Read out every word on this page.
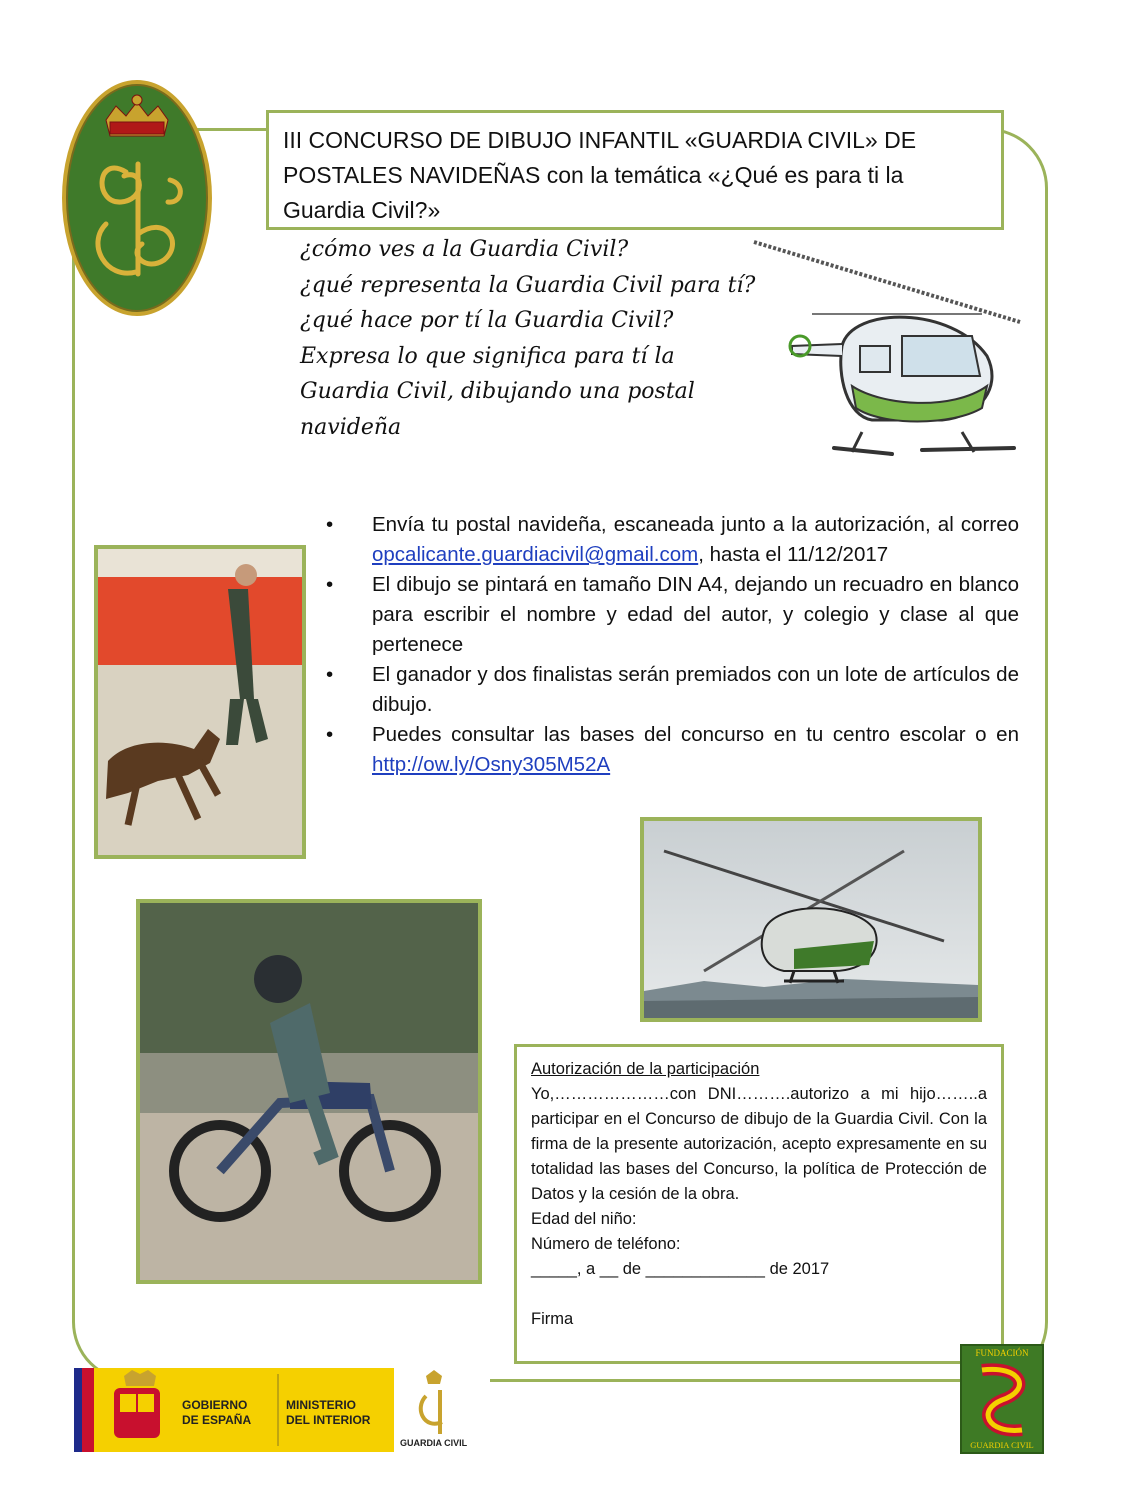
III CONCURSO DE DIBUJO INFANTIL «GUARDIA CIVIL» DE POSTALES NAVIDEÑAS con la temática «¿Qué es para ti la Guardia Civil?»
¿cómo ves a la Guardia Civil?
¿qué representa la Guardia Civil para tí?
¿qué hace por tí la Guardia Civil?
Expresa lo que significa para tí la Guardia Civil, dibujando una postal navideña
• Envía tu postal navideña, escaneada junto a la autorización, al correo opcalicante.guardiacivil@gmail.com, hasta el 11/12/2017
• El dibujo se pintará en tamaño DIN A4, dejando un recuadro en blanco para escribir el nombre y edad del autor, y colegio y clase al que pertenece
• El ganador y dos finalistas serán premiados con un lote de artículos de dibujo.
• Puedes consultar las bases del concurso en tu centro escolar o en http://ow.ly/Osny305M52A
Autorización de la participación
Yo,…………………con DNI……….autorizo a mi hijo……..a participar en el Concurso de dibujo de la Guardia Civil. Con la firma de la presente autorización, acepto expresamente en su totalidad las bases del Concurso, la política de Protección de Datos y la cesión de la obra.
Edad del niño:
Número de teléfono:
_____, a __ de _____________ de 2017
Firma
GOBIERNO
DE ESPAÑA
MINISTERIO
DEL INTERIOR
GUARDIA CIVIL
FUNDACIÓN
GUARDIA CIVIL
